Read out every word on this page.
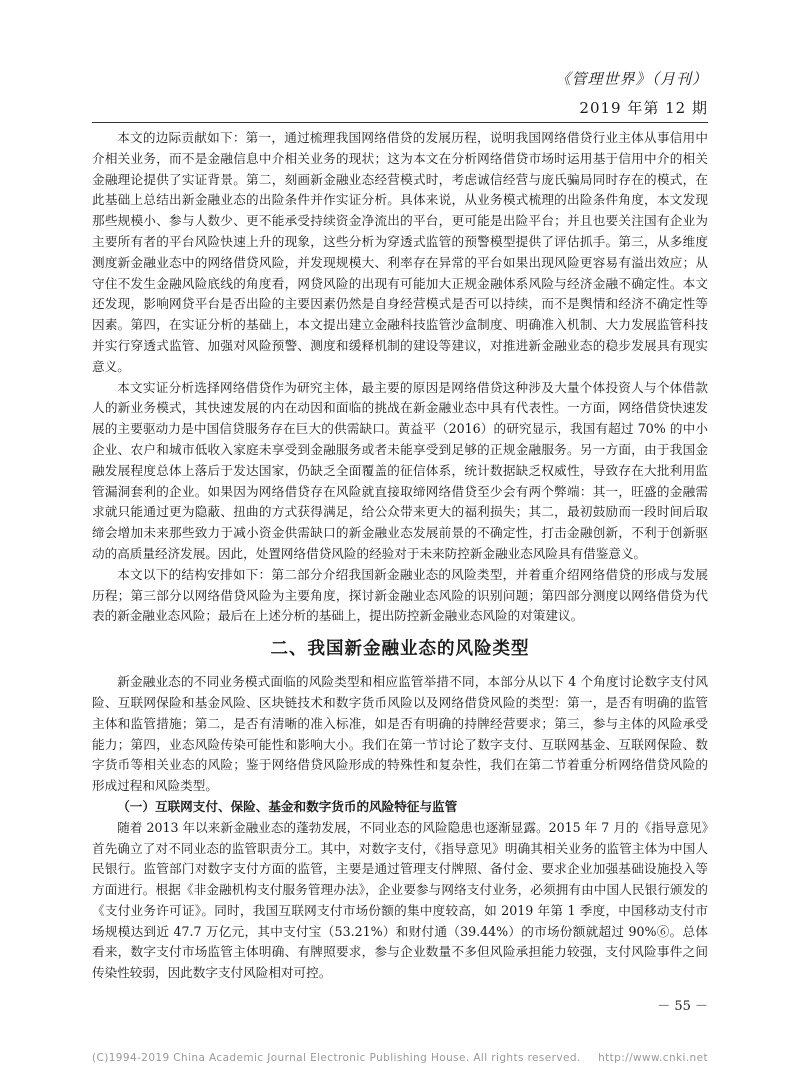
《管理世界》（月刊）
2019 年第 12 期

本文的边际贡献如下：第一，通过梳理我国网络借贷的发展历程，说明我国网络借贷行业主体从事信用中介相关业务，而不是金融信息中介相关业务的现状；这为本文在分析网络借贷市场时运用基于信用中介的相关金融理论提供了实证背景。第二，刻画新金融业态经营模式时，考虑诚信经营与庞氏骗局同时存在的模式，在此基础上总结出新金融业态的出险条件并作实证分析。具体来说，从业务模式梳理的出险条件角度，本文发现那些规模小、参与人数少、更不能承受持续资金净流出的平台，更可能是出险平台；并且也要关注国有企业为主要所有者的平台风险快速上升的现象，这些分析为穿透式监管的预警模型提供了评估抓手。第三，从多维度测度新金融业态中的网络借贷风险，并发现规模大、利率存在异常的平台如果出现风险更容易有溢出效应；从守住不发生金融风险底线的角度看，网贷风险的出现有可能加大正规金融体系风险与经济金融不确定性。本文还发现，影响网贷平台是否出险的主要因素仍然是自身经营模式是否可以持续，而不是舆情和经济不确定性等因素。第四，在实证分析的基础上，本文提出建立金融科技监管沙盒制度、明确准入机制、大力发展监管科技并实行穿透式监管、加强对风险预警、测度和缓释机制的建设等建议，对推进新金融业态的稳步发展具有现实意义。

本文实证分析选择网络借贷作为研究主体，最主要的原因是网络借贷这种涉及大量个体投资人与个体借款人的新业务模式，其快速发展的内在动因和面临的挑战在新金融业态中具有代表性。一方面，网络借贷快速发展的主要驱动力是中国信贷服务存在巨大的供需缺口。黄益平（2016）的研究显示，我国有超过 70% 的中小企业、农户和城市低收入家庭未享受到金融服务或者未能享受到足够的正规金融服务。另一方面，由于我国金融发展程度总体上落后于发达国家，仍缺乏全面覆盖的征信体系，统计数据缺乏权威性，导致存在大批利用监管漏洞套利的企业。如果因为网络借贷存在风险就直接取缔网络借贷至少会有两个弊端：其一，旺盛的金融需求就只能通过更为隐蔽、扭曲的方式获得满足，给公众带来更大的福利损失；其二，最初鼓励而一段时间后取缔会增加未来那些致力于减小资金供需缺口的新金融业态发展前景的不确定性，打击金融创新，不利于创新驱动的高质量经济发展。因此，处置网络借贷风险的经验对于未来防控新金融业态风险具有借鉴意义。

本文以下的结构安排如下：第二部分介绍我国新金融业态的风险类型，并着重介绍网络借贷的形成与发展历程；第三部分以网络借贷风险为主要角度，探讨新金融业态风险的识别问题；第四部分测度以网络借贷为代表的新金融业态风险；最后在上述分析的基础上，提出防控新金融业态风险的对策建议。

二、我国新金融业态的风险类型

新金融业态的不同业务模式面临的风险类型和相应监管举措不同，本部分从以下 4 个角度讨论数字支付风险、互联网保险和基金风险、区块链技术和数字货币风险以及网络借贷风险的类型：第一，是否有明确的监管主体和监管措施；第二，是否有清晰的准入标准，如是否有明确的持牌经营要求；第三，参与主体的风险承受能力；第四，业态风险传染可能性和影响大小。我们在第一节讨论了数字支付、互联网基金、互联网保险、数字货币等相关业态的风险；鉴于网络借贷风险形成的特殊性和复杂性，我们在第二节着重分析网络借贷风险的形成过程和风险类型。

（一）互联网支付、保险、基金和数字货币的风险特征与监管

随着 2013 年以来新金融业态的蓬勃发展，不同业态的风险隐患也逐渐显露。2015 年 7 月的《指导意见》首先确立了对不同业态的监管职责分工。其中，对数字支付，《指导意见》明确其相关业务的监管主体为中国人民银行。监管部门对数字支付方面的监管，主要是通过管理支付牌照、备付金、要求企业加强基础设施投入等方面进行。根据《非金融机构支付服务管理办法》，企业要参与网络支付业务，必须拥有由中国人民银行颁发的《支付业务许可证》。同时，我国互联网支付市场份额的集中度较高，如 2019 年第 1 季度，中国移动支付市场规模达到近 47.7 万亿元，其中支付宝（53.21%）和财付通（39.44%）的市场份额就超过 90%⑥。总体看来，数字支付市场监管主体明确、有牌照要求，参与企业数量不多但风险承担能力较强，支付风险事件之间传染性较弱，因此数字支付风险相对可控。

－ 55 －
(C)1994-2019 China Academic Journal Electronic Publishing House. All rights reserved. http://www.cnki.net
